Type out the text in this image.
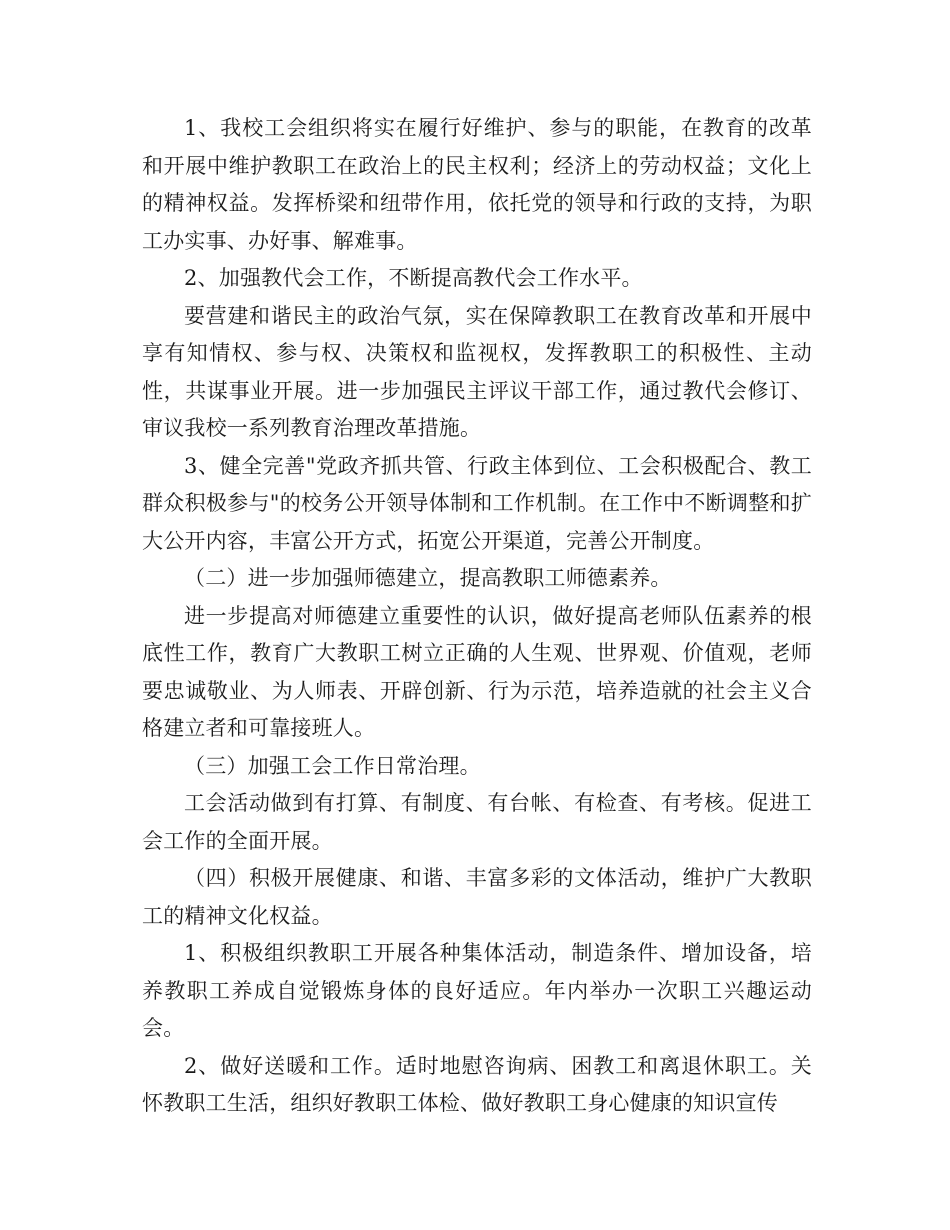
1、我校工会组织将实在履行好维护、参与的职能，在教育的改革和开展中维护教职工在政治上的民主权利；经济上的劳动权益；文化上的精神权益。发挥桥梁和纽带作用，依托党的领导和行政的支持，为职工办实事、办好事、解难事。

2、加强教代会工作，不断提高教代会工作水平。

要营建和谐民主的政治气氛，实在保障教职工在教育改革和开展中享有知情权、参与权、决策权和监视权，发挥教职工的积极性、主动性，共谋事业开展。进一步加强民主评议干部工作，通过教代会修订、审议我校一系列教育治理改革措施。

3、健全完善"党政齐抓共管、行政主体到位、工会积极配合、教工群众积极参与"的校务公开领导体制和工作机制。在工作中不断调整和扩大公开内容，丰富公开方式，拓宽公开渠道，完善公开制度。

（二）进一步加强师德建立，提高教职工师德素养。

进一步提高对师德建立重要性的认识，做好提高老师队伍素养的根底性工作，教育广大教职工树立正确的人生观、世界观、价值观，老师要忠诚敬业、为人师表、开辟创新、行为示范，培养造就的社会主义合格建立者和可靠接班人。

（三）加强工会工作日常治理。

工会活动做到有打算、有制度、有台帐、有检查、有考核。促进工会工作的全面开展。

（四）积极开展健康、和谐、丰富多彩的文体活动，维护广大教职工的精神文化权益。

1、积极组织教职工开展各种集体活动，制造条件、增加设备，培养教职工养成自觉锻炼身体的良好适应。年内举办一次职工兴趣运动会。

2、做好送暖和工作。适时地慰咨询病、困教工和离退休职工。关怀教职工生活，组织好教职工体检、做好教职工身心健康的知识宣传
